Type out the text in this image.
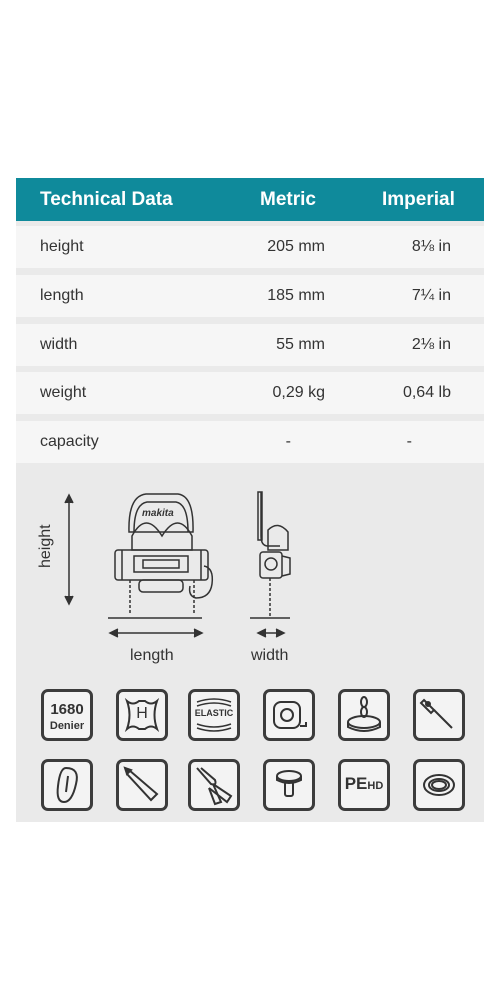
Technical Data	Metric	Imperial
height	205 mm	8⅛ in
length	185 mm	7¼ in
width	55 mm	2⅛ in
weight	0,29 kg	0,64 lb
capacity	-	-
height
length	width
makita
1680
Denier
H	ELASTIC
PEHD
